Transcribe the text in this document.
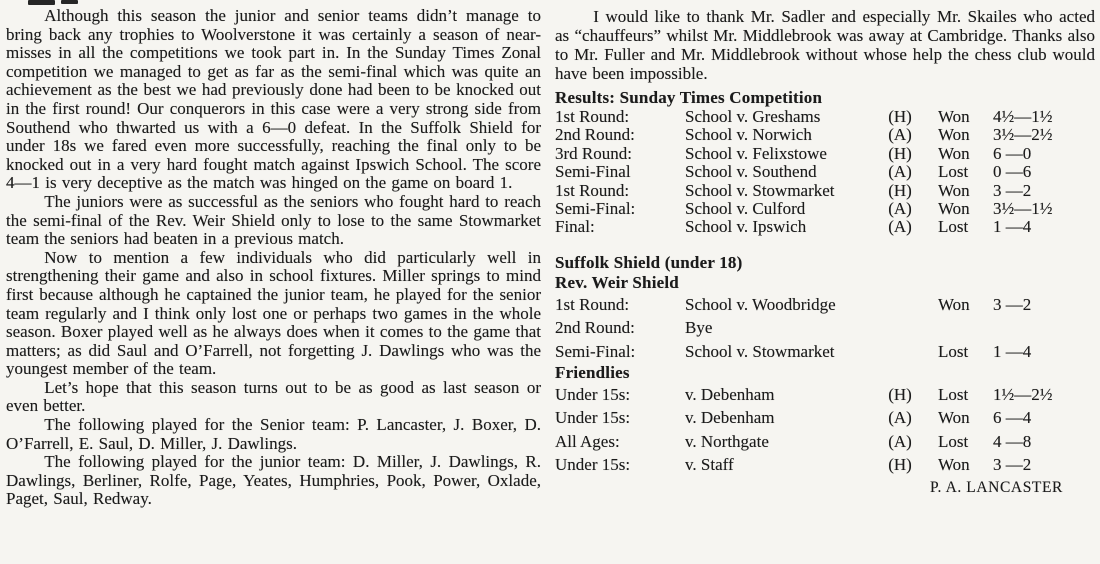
Although this season the junior and senior teams didn’t manage to bring back any trophies to Woolverstone it was certainly a season of near-misses in all the competitions we took part in. In the Sunday Times Zonal competition we managed to get as far as the semi-final which was quite an achievement as the best we had previously done had been to be knocked out in the first round! Our conquerors in this case were a very strong side from Southend who thwarted us with a 6—0 defeat. In the Suffolk Shield for under 18s we fared even more successfully, reaching the final only to be knocked out in a very hard fought match against Ipswich School. The score 4—1 is very deceptive as the match was hinged on the game on board 1.

The juniors were as successful as the seniors who fought hard to reach the semi-final of the Rev. Weir Shield only to lose to the same Stowmarket team the seniors had beaten in a previous match.

Now to mention a few individuals who did particularly well in strengthening their game and also in school fixtures. Miller springs to mind first because although he captained the junior team, he played for the senior team regularly and I think only lost one or perhaps two games in the whole season. Boxer played well as he always does when it comes to the game that matters; as did Saul and O’Farrell, not forgetting J. Dawlings who was the youngest member of the team.

Let’s hope that this season turns out to be as good as last season or even better.

The following played for the Senior team: P. Lancaster, J. Boxer, D. O’Farrell, E. Saul, D. Miller, J. Dawlings.

The following played for the junior team: D. Miller, J. Dawlings, R. Dawlings, Berliner, Rolfe, Page, Yeates, Humphries, Pook, Power, Oxlade, Paget, Saul, Redway.

I would like to thank Mr. Sadler and especially Mr. Skailes who acted as “chauffeurs” whilst Mr. Middlebrook was away at Cambridge. Thanks also to Mr. Fuller and Mr. Middlebrook without whose help the chess club would have been impossible.

Results: Sunday Times Competition
1st Round:	School v. Greshams	(H)	Won	4½—1½
2nd Round:	School v. Norwich	(A)	Won	3½—2½
3rd Round:	School v. Felixstowe	(H)	Won	6 —0
Semi-Final	School v. Southend	(A)	Lost	0 —6
1st Round:	School v. Stowmarket	(H)	Won	3 —2
Semi-Final:	School v. Culford	(A)	Won	3½—1½
Final:	School v. Ipswich	(A)	Lost	1 —4
Suffolk Shield (under 18)
Rev. Weir Shield
1st Round:	School v. Woodbridge	Won	3 —2
2nd Round:	Bye
Semi-Final:	School v. Stowmarket	Lost	1 —4
Friendlies
Under 15s:	v. Debenham	(H)	Lost	1½—2½
Under 15s:	v. Debenham	(A)	Won	6 —4
All Ages:	v. Northgate	(A)	Lost	4 —8
Under 15s:	v. Staff	(H)	Won	3 —2
P. A. LANCASTER
